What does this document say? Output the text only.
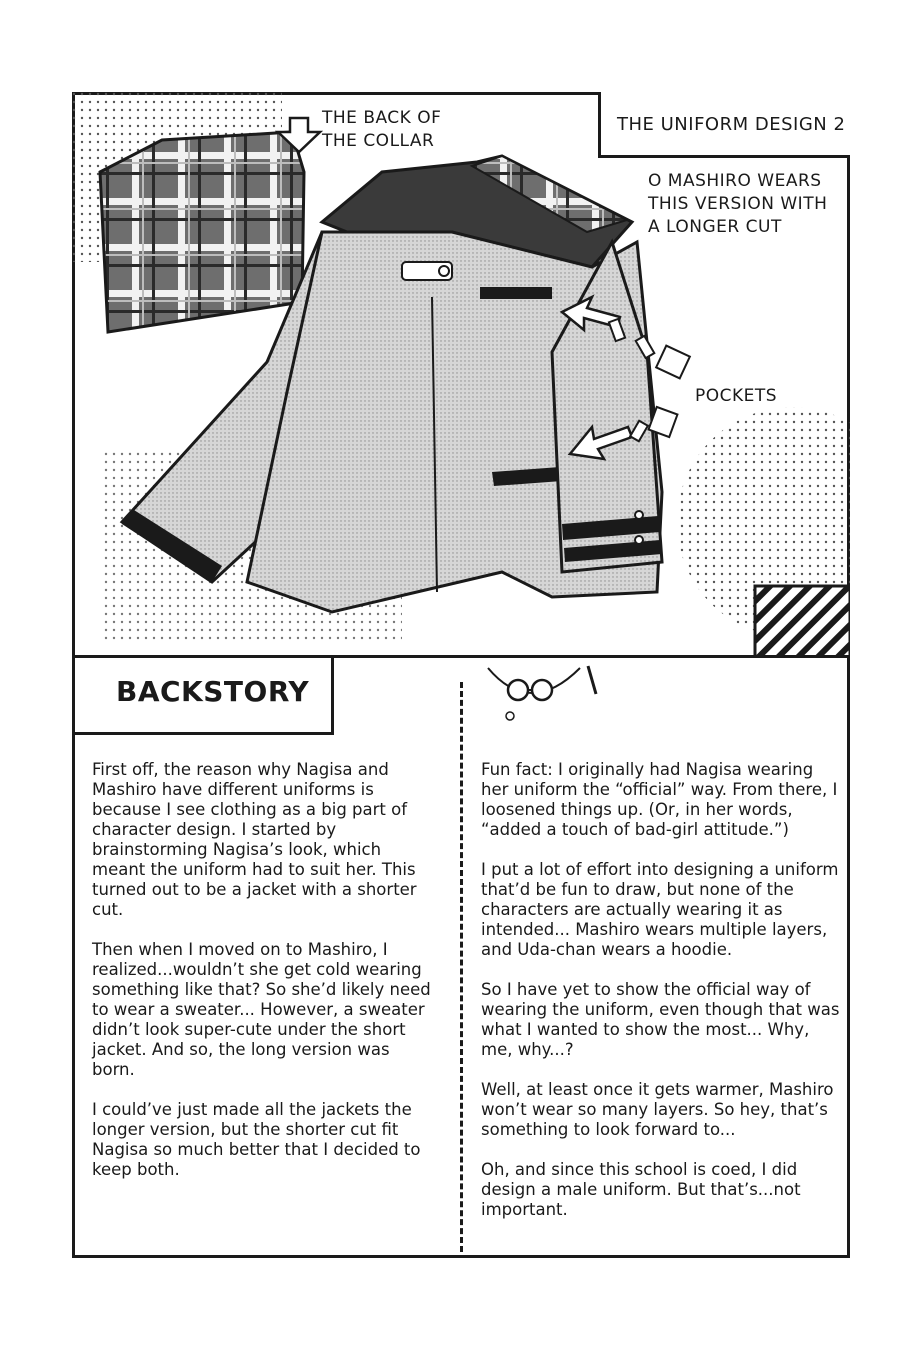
THE BACK OF
THE COLLAR
THE UNIFORM DESIGN 2
O MASHIRO WEARS
THIS VERSION WITH
A LONGER CUT
POCKETS
BACKSTORY

First off, the reason why Nagisa and Mashiro have different uniforms is because I see clothing as a big part of character design. I started by brainstorming Nagisa’s look, which meant the uniform had to suit her. This turned out to be a jacket with a shorter cut.

Then when I moved on to Mashiro, I realized...wouldn’t she get cold wearing something like that? So she’d likely need to wear a sweater... However, a sweater didn’t look super-cute under the short jacket. And so, the long version was born.

I could’ve just made all the jackets the longer version, but the shorter cut fit Nagisa so much better that I decided to keep both.

Fun fact: I originally had Nagisa wearing her uniform the “official” way. From there, I loosened things up. (Or, in her words, “added a touch of bad-girl attitude.”)

I put a lot of effort into designing a uniform that’d be fun to draw, but none of the characters are actually wearing it as intended... Mashiro wears multiple layers, and Uda-chan wears a hoodie.

So I have yet to show the official way of wearing the uniform, even though that was what I wanted to show the most... Why, me, why...?

Well, at least once it gets warmer, Mashiro won’t wear so many layers. So hey, that’s something to look forward to...

Oh, and since this school is coed, I did design a male uniform. But that’s...not important.
